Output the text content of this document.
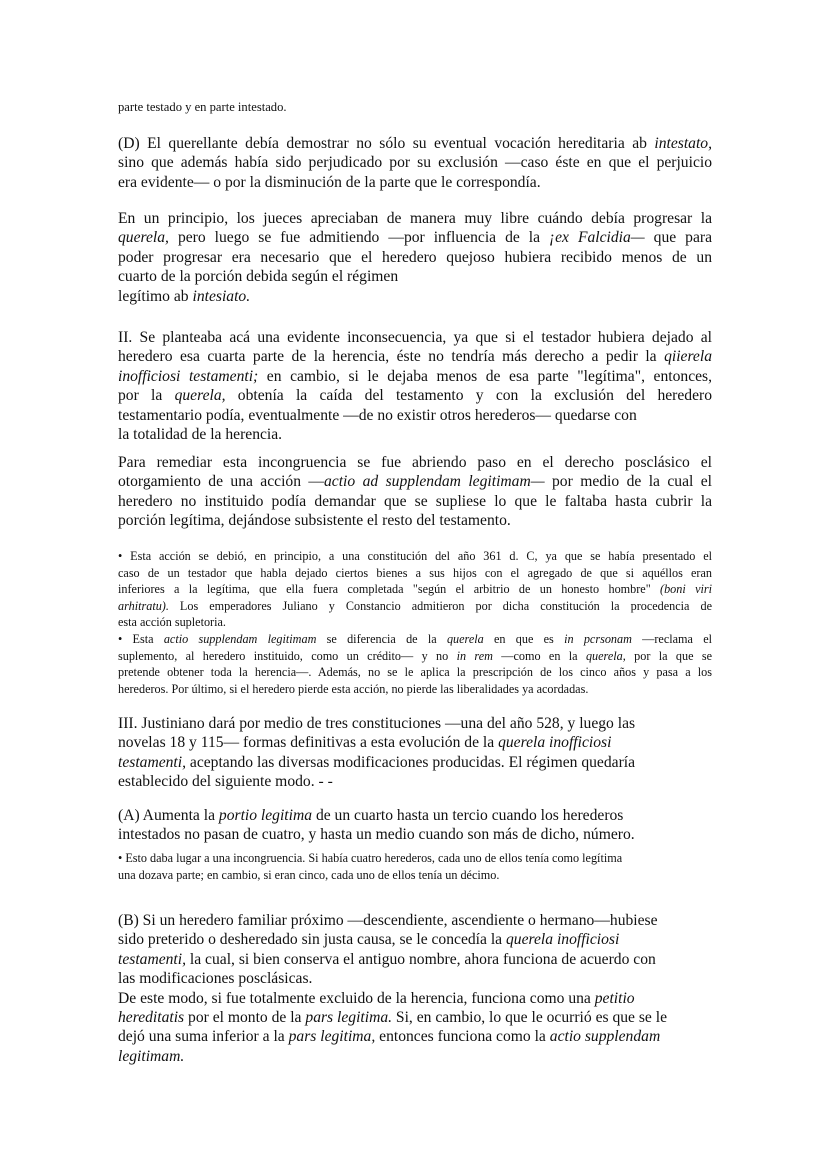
parte testado y en parte intestado.
(D) El querellante debía demostrar no sólo su eventual vocación hereditaria ab intestato,
sino que además había sido perjudicado por su exclusión —caso éste en que el perjuicio
era evidente— o por la disminución de la parte que le correspondía.
En un principio, los jueces apreciaban de manera muy libre cuándo debía progresar la
querela, pero luego se fue admitiendo —por influencia de la ¡ex Falcidia— que para
poder progresar era necesario que el heredero quejoso hubiera recibido menos de un
cuarto de la porción debida según el régimen
legítimo ab intesiato.
II. Se planteaba acá una evidente inconsecuencia, ya que si el testador hubiera dejado al
heredero esa cuarta parte de la herencia, éste no tendría más derecho a pedir la qiierela
inofficiosi testamenti; en cambio, si le dejaba menos de esa parte "legítima", entonces,
por la querela, obtenía la caída del testamento y con la exclusión del heredero
testamentario podía, eventualmente —de no existir otros herederos— quedarse con
la totalidad de la herencia.
Para remediar esta incongruencia se fue abriendo paso en el derecho posclásico el
otorgamiento de una acción —actio ad supplendam legitimam— por medio de la cual el
heredero no instituido podía demandar que se supliese lo que le faltaba hasta cubrir la
porción legítima, dejándose subsistente el resto del testamento.
• Esta acción se debió, en principio, a una constitución del año 361 d. C, ya que se había presentado el
caso de un testador que habla dejado ciertos bienes a sus hijos con el agregado de que si aquéllos eran
inferiores a la legítima, que ella fuera completada "según el arbitrio de un honesto hombre" (boni viri
arhitratu). Los emperadores Juliano y Constancio admitieron por dicha constitución la procedencia de
esta acción supletoria.
• Esta actio supplendam legitimam se diferencia de la querela en que es in pcrsonam —reclama el
suplemento, al heredero instituido, como un crédito— y no in rem —como en la querela, por la que se
pretende obtener toda la herencia—. Además, no se le aplica la prescripción de los cinco años y pasa a los
herederos. Por último, si el heredero pierde esta acción, no pierde las liberalidades ya acordadas.
III. Justiniano dará por medio de tres constituciones —una del año 528, y luego las
novelas 18 y 115— formas definitivas a esta evolución de la querela inofficiosi
testamenti, aceptando las diversas modificaciones producidas. El régimen quedaría
establecido del siguiente modo. - -
(A) Aumenta la portio legitima de un cuarto hasta un tercio cuando los herederos
intestados no pasan de cuatro, y hasta un medio cuando son más de dicho, número.
• Esto daba lugar a una incongruencia. Si había cuatro herederos, cada uno de ellos tenía como legítima
una dozava parte; en cambio, si eran cinco, cada uno de ellos tenía un décimo.
(B) Si un heredero familiar próximo —descendiente, ascendiente o hermano—hubiese
sido preterido o desheredado sin justa causa, se le concedía la querela inofficiosi
testamenti, la cual, si bien conserva el antiguo nombre, ahora funciona de acuerdo con
las modificaciones posclásicas.
De este modo, si fue totalmente excluido de la herencia, funciona como una petitio
hereditatis por el monto de la pars legitima. Si, en cambio, lo que le ocurrió es que se le
dejó una suma inferior a la pars legitima, entonces funciona como la actio supplendam
legitimam.
